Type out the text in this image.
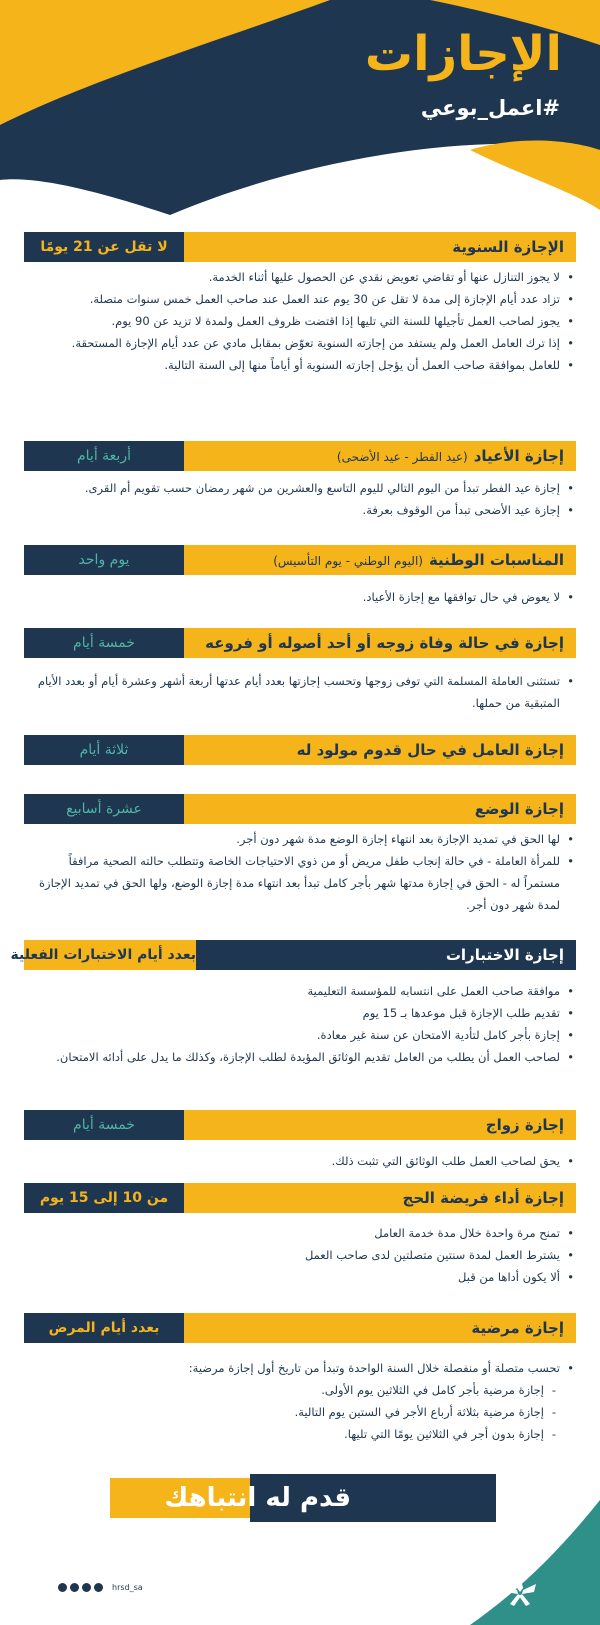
الإجازات
#اعمل_بوعي
الإجازة السنوية
لا تقل عن 21 يومًا
• لا يجوز التنازل عنها أو تقاضي تعويض نقدي عن الحصول عليها أثناء الخدمة.
• تزاد عدد أيام الإجازة إلى مدة لا تقل عن 30 يوم عند العمل عند صاحب العمل خمس سنوات متصلة.
• يجوز لصاحب العمل تأجيلها للسنة التي تليها إذا اقتضت ظروف العمل ولمدة لا تزيد عن 90 يوم.
• إذا ترك العامل العمل ولم يستفد من إجازته السنوية تعوّض بمقابل مادي عن عدد أيام الإجازة المستحقة.
• للعامل بموافقة صاحب العمل أن يؤجل إجازته السنوية أو أياماً منها إلى السنة التالية.
إجازة الأعياد(عيد الفطر - عيد الأضحى)
أربعة أيام
• إجازة عيد الفطر تبدأ من اليوم التالي لليوم التاسع والعشرين من شهر رمضان حسب تقويم أم القرى.
• إجازة عيد الأضحى تبدأ من الوقوف بعرفة.
المناسبات الوطنية(اليوم الوطني - يوم التأسيس)
يوم واحد
• لا يعوض في حال توافقها مع إجازة الأعياد.
إجازة في حالة وفاة زوجه أو أحد أصوله أو فروعه
خمسة أيام
• تستثنى العاملة المسلمة التي توفى زوجها وتحسب إجازتها بعدد أيام عدتها أربعة أشهر وعشرة أيام أو بعدد الأيام المتبقية من حملها.
إجازة العامل في حال قدوم مولود له
ثلاثة أيام
إجازة الوضع
عشرة أسابيع
• لها الحق في تمديد الإجازة بعد انتهاء إجازة الوضع مدة شهر دون أجر.
• للمرأة العاملة - في حالة إنجاب طفل مريض أو من ذوي الاحتياجات الخاصة وتتطلب حالته الصحية مرافقاً مستمراً له - الحق في إجازة مدتها شهر بأجر كامل تبدأ بعد انتهاء مدة إجازة الوضع، ولها الحق في تمديد الإجازة لمدة شهر دون أجر.
إجازة الاختبارات
بعدد أيام الاختبارات الفعلية
• موافقة صاحب العمل على انتسابه للمؤسسة التعليمية
• تقديم طلب الإجازة قبل موعدها بـ 15 يوم
• إجازة بأجر كامل لتأدية الامتحان عن سنة غير معادة.
• لصاحب العمل أن يطلب من العامل تقديم الوثائق المؤيدة لطلب الإجازة، وكذلك ما يدل على أدائه الامتحان.
إجازة زواج
خمسة أيام
• يحق لصاحب العمل طلب الوثائق التي تثبت ذلك.
إجازة أداء فريضة الحج
من 10 إلى 15 يوم
• تمنح مرة واحدة خلال مدة خدمة العامل
• يشترط العمل لمدة سنتين متصلتين لدى صاحب العمل
• ألا يكون أداها من قبل
إجازة مرضية
بعدد أيام المرض
• تحسب متصلة أو منفصلة خلال السنة الواحدة وتبدأ من تاريخ أول إجازة مرضية:
- إجازة مرضية بأجر كامل في الثلاثين يوم الأولى.
- إجازة مرضية بثلاثة أرباع الأجر في الستين يوم التالية.
- إجازة بدون أجر في الثلاثين يومًا التي تليها.
حقك.. قدم له انتباهك
hrsd_sa
